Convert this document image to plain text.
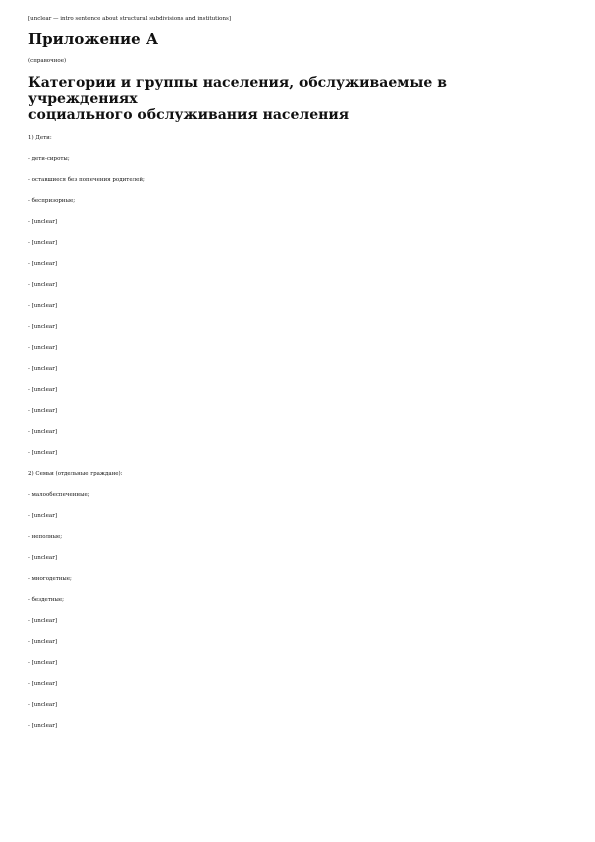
[unclear — intro sentence about structural subdivisions and institutions]

Приложение А

(справочное)

Категории и группы населения, обслуживаемые в
учреждениях
социального обслуживания населения

1) Дети:

- дети-сироты;

- оставшиеся без попечения родителей;

- беспризорные;

- [unclear]

- [unclear]

- [unclear]

- [unclear]

- [unclear]

- [unclear]

- [unclear]

- [unclear]

- [unclear]

- [unclear]

- [unclear]

- [unclear]

2) Семьи (отдельные граждане):

- малообеспеченные;

- [unclear]

- неполные;

- [unclear]

- многодетные;

- бездетные;

- [unclear]

- [unclear]

- [unclear]

- [unclear]

- [unclear]

- [unclear]
